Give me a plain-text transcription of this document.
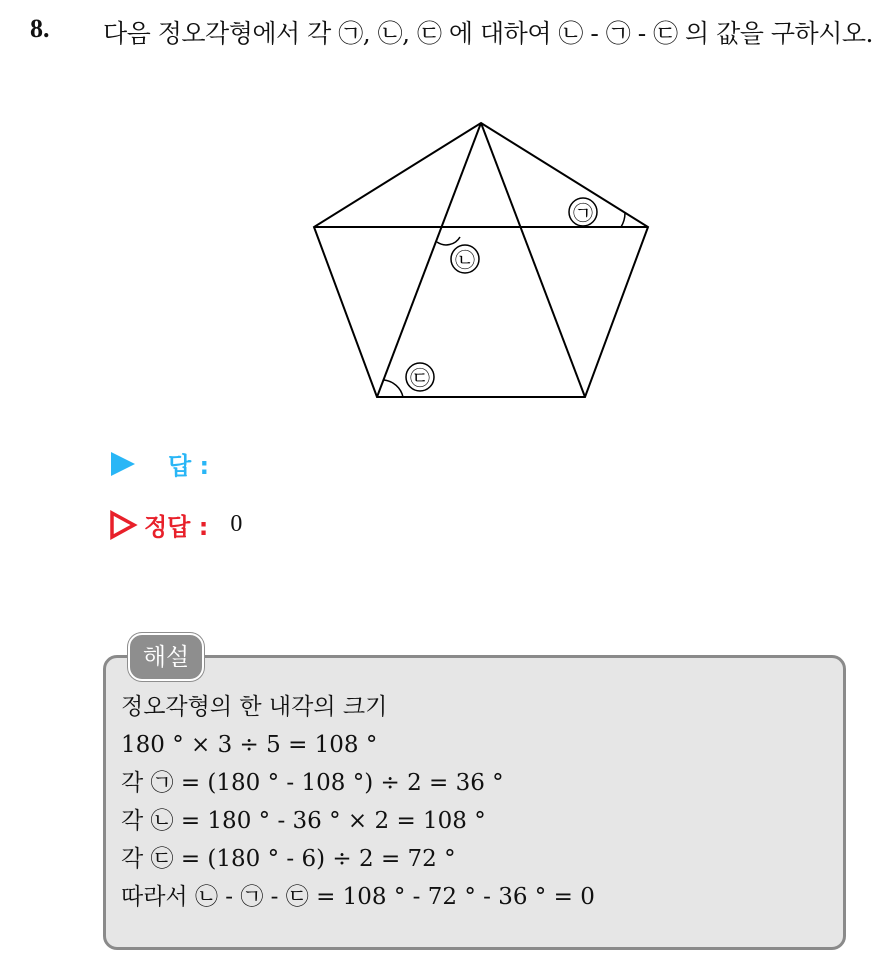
8. 다음 정오각형에서 각 ㉠, ㉡, ㉢ 에 대하여 ㉡ - ㉠ - ㉢ 의 값을 구하시오.
㉠
㉡
㉢
답 :
정답 : 0
해설
정오각형의 한 내각의 크기
180 ° × 3 ÷ 5 = 108 °
각 ㉠ = (180 ° - 108 °) ÷ 2 = 36 °
각 ㉡ = 180 ° - 36 ° × 2 = 108 °
각 ㉢ = (180 ° - 6) ÷ 2 = 72 °
따라서 ㉡ - ㉠ - ㉢ = 108 ° - 72 ° - 36 ° = 0
